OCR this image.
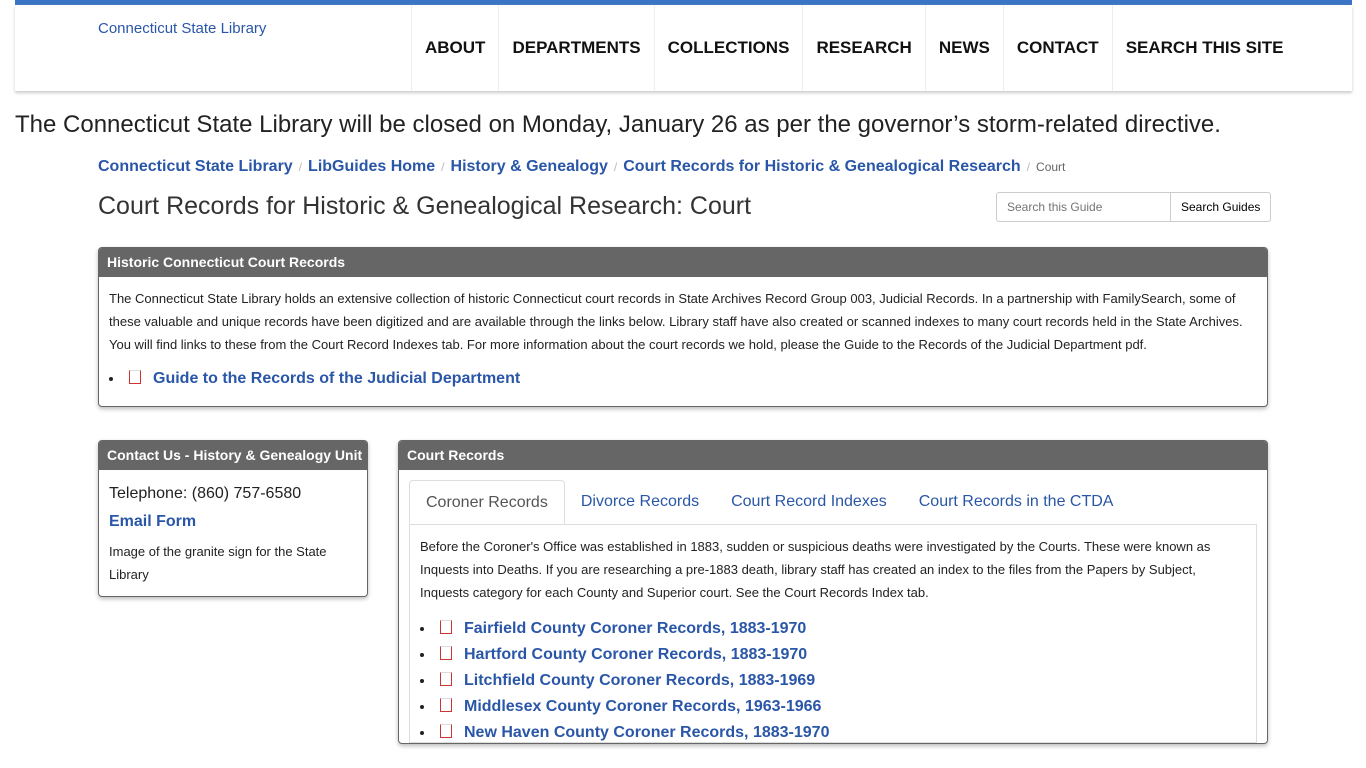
Connecticut State Library
ABOUT	DEPARTMENTS	COLLECTIONS	RESEARCH	NEWS	CONTACT	SEARCH THIS SITE
The Connecticut State Library will be closed on Monday, January 26 as per the governor’s storm-related directive.
Connecticut State Library / LibGuides Home / History & Genealogy / Court Records for Historic & Genealogical Research / Court
Court Records for Historic & Genealogical Research: Court
Search this Guide	Search Guides
Historic Connecticut Court Records

The Connecticut State Library holds an extensive collection of historic Connecticut court records in State Archives Record Group 003, Judicial Records. In a partnership with FamilySearch, some of these valuable and unique records have been digitized and are available through the links below. Library staff have also created or scanned indexes to many court records held in the State Archives. You will find links to these from the Court Record Indexes tab. For more information about the court records we hold, please the Guide to the Records of the Judicial Department pdf.

• Guide to the Records of the Judicial Department
Contact Us - History & Genealogy Unit
Telephone: (860) 757-6580
Email Form
Image of the granite sign for the State Library
Court Records
Coroner Records	Divorce Records	Court Record Indexes	Court Records in the CTDA

Before the Coroner's Office was established in 1883, sudden or suspicious deaths were investigated by the Courts. These were known as Inquests into Deaths. If you are researching a pre-1883 death, library staff has created an index to the files from the Papers by Subject, Inquests category for each County and Superior court. See the Court Records Index tab.

• Fairfield County Coroner Records, 1883-1970
• Hartford County Coroner Records, 1883-1970
• Litchfield County Coroner Records, 1883-1969
• Middlesex County Coroner Records, 1963-1966
• New Haven County Coroner Records, 1883-1970
